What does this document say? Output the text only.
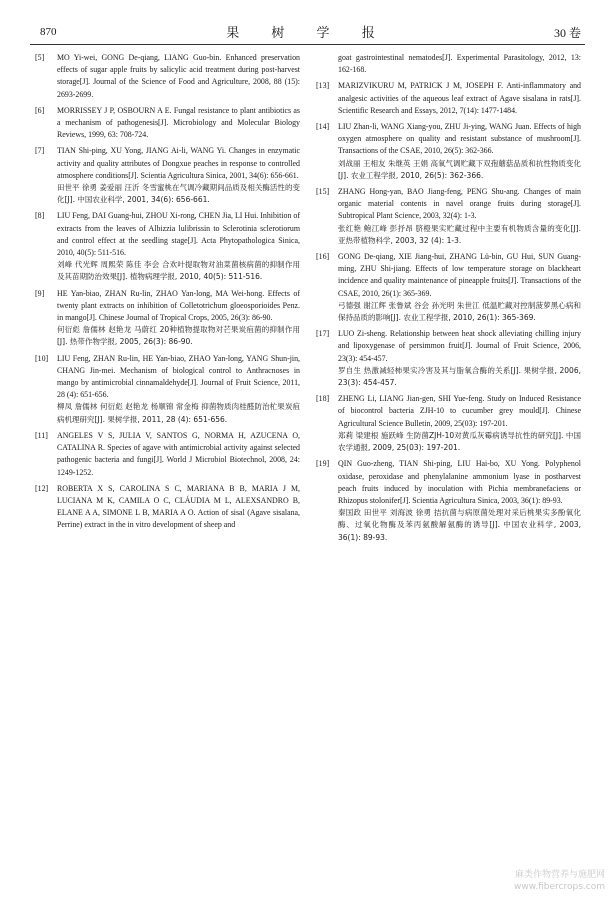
870	果 树 学 报	30 卷
[5] MO Yi-wei, GONG De-qiang, LIANG Guo-bin. Enhanced preservation effects of sugar apple fruits by salicylic acid treatment during post-harvest storage[J]. Journal of the Science of Food and Agriculture, 2008, 88 (15): 2693-2699.
[6] MORRISSEY J P, OSBOURN A E. Fungal resistance to plant antibiotics as a mechanism of pathogenesis[J]. Microbiology and Molecular Biology Reviews, 1999, 63: 708-724.
[7] TIAN Shi-ping, XU Yong, JIANG Ai-li, WANG Yi. Changes in enzymatic activity and quality attributes of Dongxue peaches in response to controlled atmosphere conditions[J]. Scientia Agricultura Sinica, 2001, 34(6): 656-661.
田世平 徐勇 姜爱丽 汪沂 冬雪蜜桃在气调冷藏期间品质及相关酶活性的变化[J]. 中国农业科学, 2001, 34(6): 656-661.
[8] LIU Feng, DAI Guang-hui, ZHOU Xi-rong, CHEN Jia, LI Hui. Inhibition of extracts from the leaves of Albizzia lulibrissin to Sclerotinia sclerotiorum and control effect at the seedling stage[J]. Acta Phytopathologica Sinica, 2010, 40(5): 511-516.
刘峰 代光辉 周熙荣 陈佳 李会 合欢叶提取物对油菜菌核病菌的抑制作用及其苗期防治效果[J]. 植物病理学报, 2010, 40(5): 511-516.
[9] HE Yan-biao, ZHAN Ru-lin, ZHAO Yan-long, MA Wei-hong. Effects of twenty plant extracts on inhibition of Colletotrichum gloeosporioides Penz. in mango[J]. Chinese Journal of Tropical Crops, 2005, 26(3): 86-90.
何衍彪 詹儒林 赵艳龙 马蔚红 20种植物提取物对芒果炭疽菌的抑制作用[J]. 热带作物学报, 2005, 26(3): 86-90.
[10] LIU Feng, ZHAN Ru-lin, HE Yan-biao, ZHAO Yan-long, YANG Shun-jin, CHANG Jin-mei. Mechanism of biological control to Anthracnoses in mango by antimicrobial cinnamaldehyde[J]. Journal of Fruit Science, 2011, 28 (4): 651-656.
柳凤 詹儒林 何衍彪 赵艳龙 杨顺锦 常金梅 抑菌物质肉桂醛防治杧果炭疽病机理研究[J]. 果树学报, 2011, 28 (4): 651-656.
[11] ANGELES V S, JULIA V, SANTOS G, NORMA H, AZUCENA O, CATALINA R. Species of agave with antimicrobial activity against selected pathogenic bacteria and fungi[J]. World J Microbiol Biotechnol, 2008, 24: 1249-1252.
[12] ROBERTA X S, CAROLINA S C, MARIANA B B, MARIA J M, LUCIANA M K, CAMILA O C, CLÁUDIA M L, ALEXSANDRO B, ELANE A A, SIMONE L B, MARIA A O. Action of sisal (Agave sisalana, Perrine) extract in the in vitro development of sheep and
goat gastrointestinal nematodes[J]. Experimental Parasitology, 2012, 13: 162-168.
[13] MARIZVIKURU M, PATRICK J M, JOSEPH F. Anti-inflammatory and analgesic activities of the aqueous leaf extract of Agave sisalana in rats[J]. Scientific Research and Essays, 2012, 7(14): 1477-1484.
[14] LIU Zhan-li, WANG Xiang-you, ZHU Ji-ying, WANG Juan. Effects of high oxygen atmosphere on quality and resistant substance of mushroom[J]. Transactions of the CSAE, 2010, 26(5): 362-366.
刘战丽 王相友 朱继英 王娟 高氧气调贮藏下双孢蘑菇品质和抗性物质变化[J]. 农业工程学报, 2010, 26(5): 362-366.
[15] ZHANG Hong-yan, BAO Jiang-feng, PENG Shu-ang. Changes of main organic material contents in navel orange fruits during storage[J]. Subtropical Plant Science, 2003, 32(4): 1-3.
张红艳 鲍江峰 彭抒昂 脐橙果实贮藏过程中主要有机物质含量的变化[J]. 亚热带植物科学, 2003, 32 (4): 1-3.
[16] GONG De-qiang, XIE Jiang-hui, ZHANG Lü-bin, GU Hui, SUN Guang-ming, ZHU Shi-jiang. Effects of low temperature storage on blackheart incidence and quality maintenance of pineapple fruits[J]. Transactions of the CSAE, 2010, 26(1): 365-369.
弓德强 谢江辉 张鲁斌 谷会 孙光明 朱世江 低温贮藏对控制菠萝黑心病和保持品质的影响[J]. 农业工程学报, 2010, 26(1): 365-369.
[17] LUO Zi-sheng. Relationship between heat shock alleviating chilling injury and lipoxygenase of persimmon fruit[J]. Journal of Fruit Science, 2006, 23(3): 454-457.
罗自生 热激减轻柿果实冷害及其与脂氧合酶的关系[J]. 果树学报, 2006, 23(3): 454-457.
[18] ZHENG Li, LIANG Jian-gen, SHI Yue-feng. Study on Induced Resistance of biocontrol bacteria ZJH-10 to cucumber grey mould[J]. Chinese Agricultural Science Bulletin, 2009, 25(03): 197-201.
郑莉 梁建根 施跃峰 生防菌ZJH-10对黄瓜灰霉病诱导抗性的研究[J]. 中国农学通报, 2009, 25(03): 197-201.
[19] QIN Guo-zheng, TIAN Shi-ping, LIU Hai-bo, XU Yong. Polyphenol oxidase, peroxidase and phenylalanine ammonium lyase in postharvest peach fruits induced by inoculation with Pichia membranefaciens or Rhizopus stolonifer[J]. Scientia Agricultura Sinica, 2003, 36(1): 89-93.
秦国政 田世平 刘海波 徐勇 拮抗菌与病原菌处理对采后桃果实多酚氧化酶、过氧化物酶及苯丙氨酸解氨酶的诱导[J]. 中国农业科学, 2003, 36(1): 89-93.
麻类作物营养与施肥网
www.fibercrops.com
